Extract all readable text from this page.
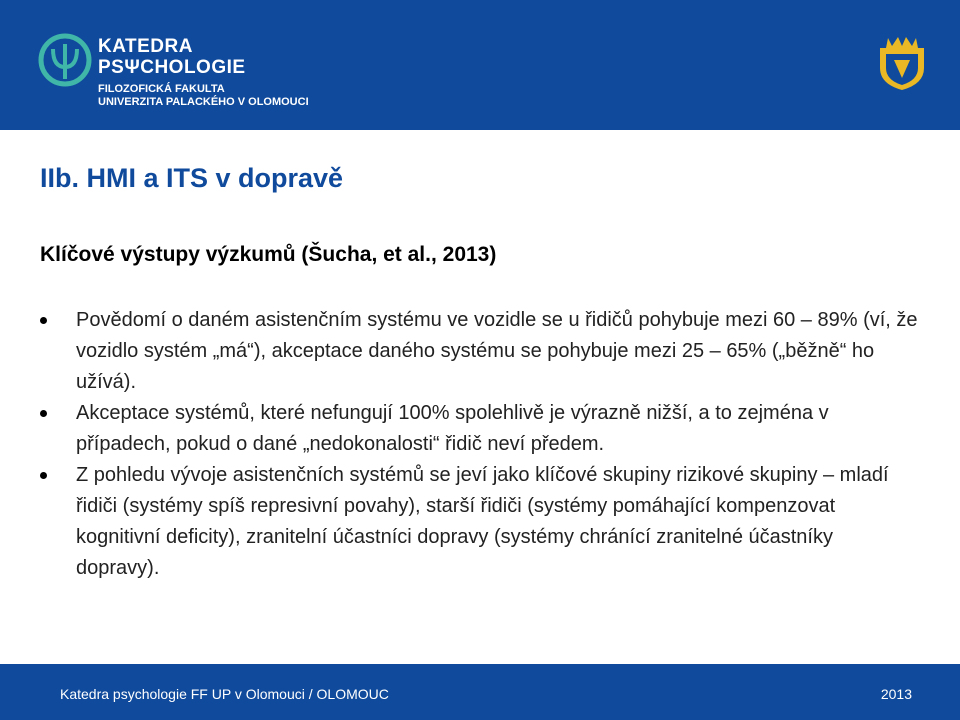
KATEDRA
PSΨCHOLOGIE
FILOZOFICKÁ FAKULTA
UNIVERZITA PALACKÉHO V OLOMOUCI
IIb. HMI a ITS v dopravě
Klíčové výstupy výzkumů (Šucha, et al., 2013)
Povědomí o daném asistenčním systému ve vozidle se u řidičů pohybuje mezi 60 – 89% (ví, že vozidlo systém „má“), akceptace daného systému se pohybuje mezi 25 – 65% („běžně“ ho užívá).
Akceptace systémů, které nefungují 100% spolehlivě je výrazně nižší, a to zejména v případech, pokud o dané „nedokonalosti“ řidič neví předem.
Z pohledu vývoje asistenčních systémů se jeví jako klíčové skupiny rizikové skupiny – mladí řidiči (systémy spíš represivní povahy), starší řidiči (systémy pomáhající kompenzovat kognitivní deficity), zranitelní účastníci dopravy (systémy chránící zranitelné účastníky dopravy).
Katedra psychologie FF UP v Olomouci / OLOMOUC	2013
